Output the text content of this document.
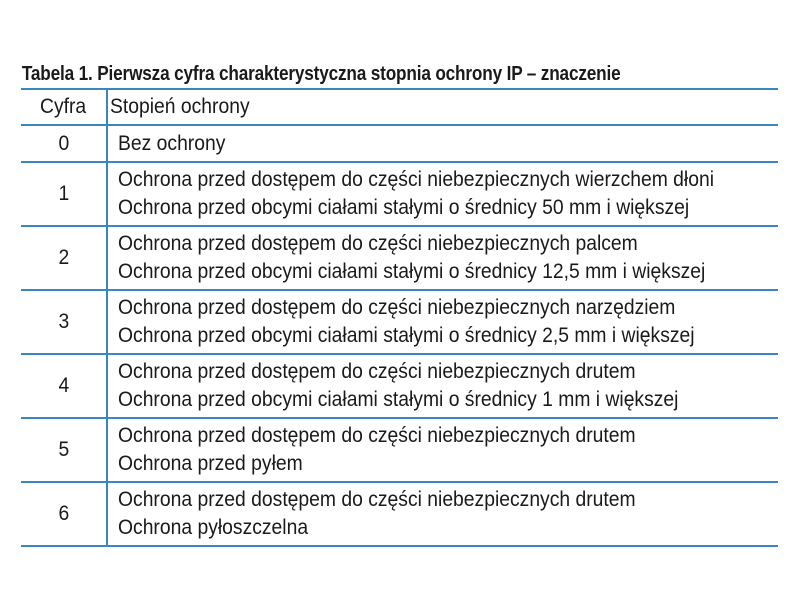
Tabela 1. Pierwsza cyfra charakterystyczna stopnia ochrony IP – znaczenie
Cyfra	Stopień ochrony
0	Bez ochrony

1	Ochrona przed dostępem do części niebezpiecznych wierzchem dłoni
Ochrona przed obcymi ciałami stałymi o średnicy 50 mm i większej

2	Ochrona przed dostępem do części niebezpiecznych palcem
Ochrona przed obcymi ciałami stałymi o średnicy 12,5 mm i większej

3	Ochrona przed dostępem do części niebezpiecznych narzędziem
Ochrona przed obcymi ciałami stałymi o średnicy 2,5 mm i większej

4	Ochrona przed dostępem do części niebezpiecznych drutem
Ochrona przed obcymi ciałami stałymi o średnicy 1 mm i większej

5	Ochrona przed dostępem do części niebezpiecznych drutem
Ochrona przed pyłem

6	Ochrona przed dostępem do części niebezpiecznych drutem
Ochrona pyłoszczelna
